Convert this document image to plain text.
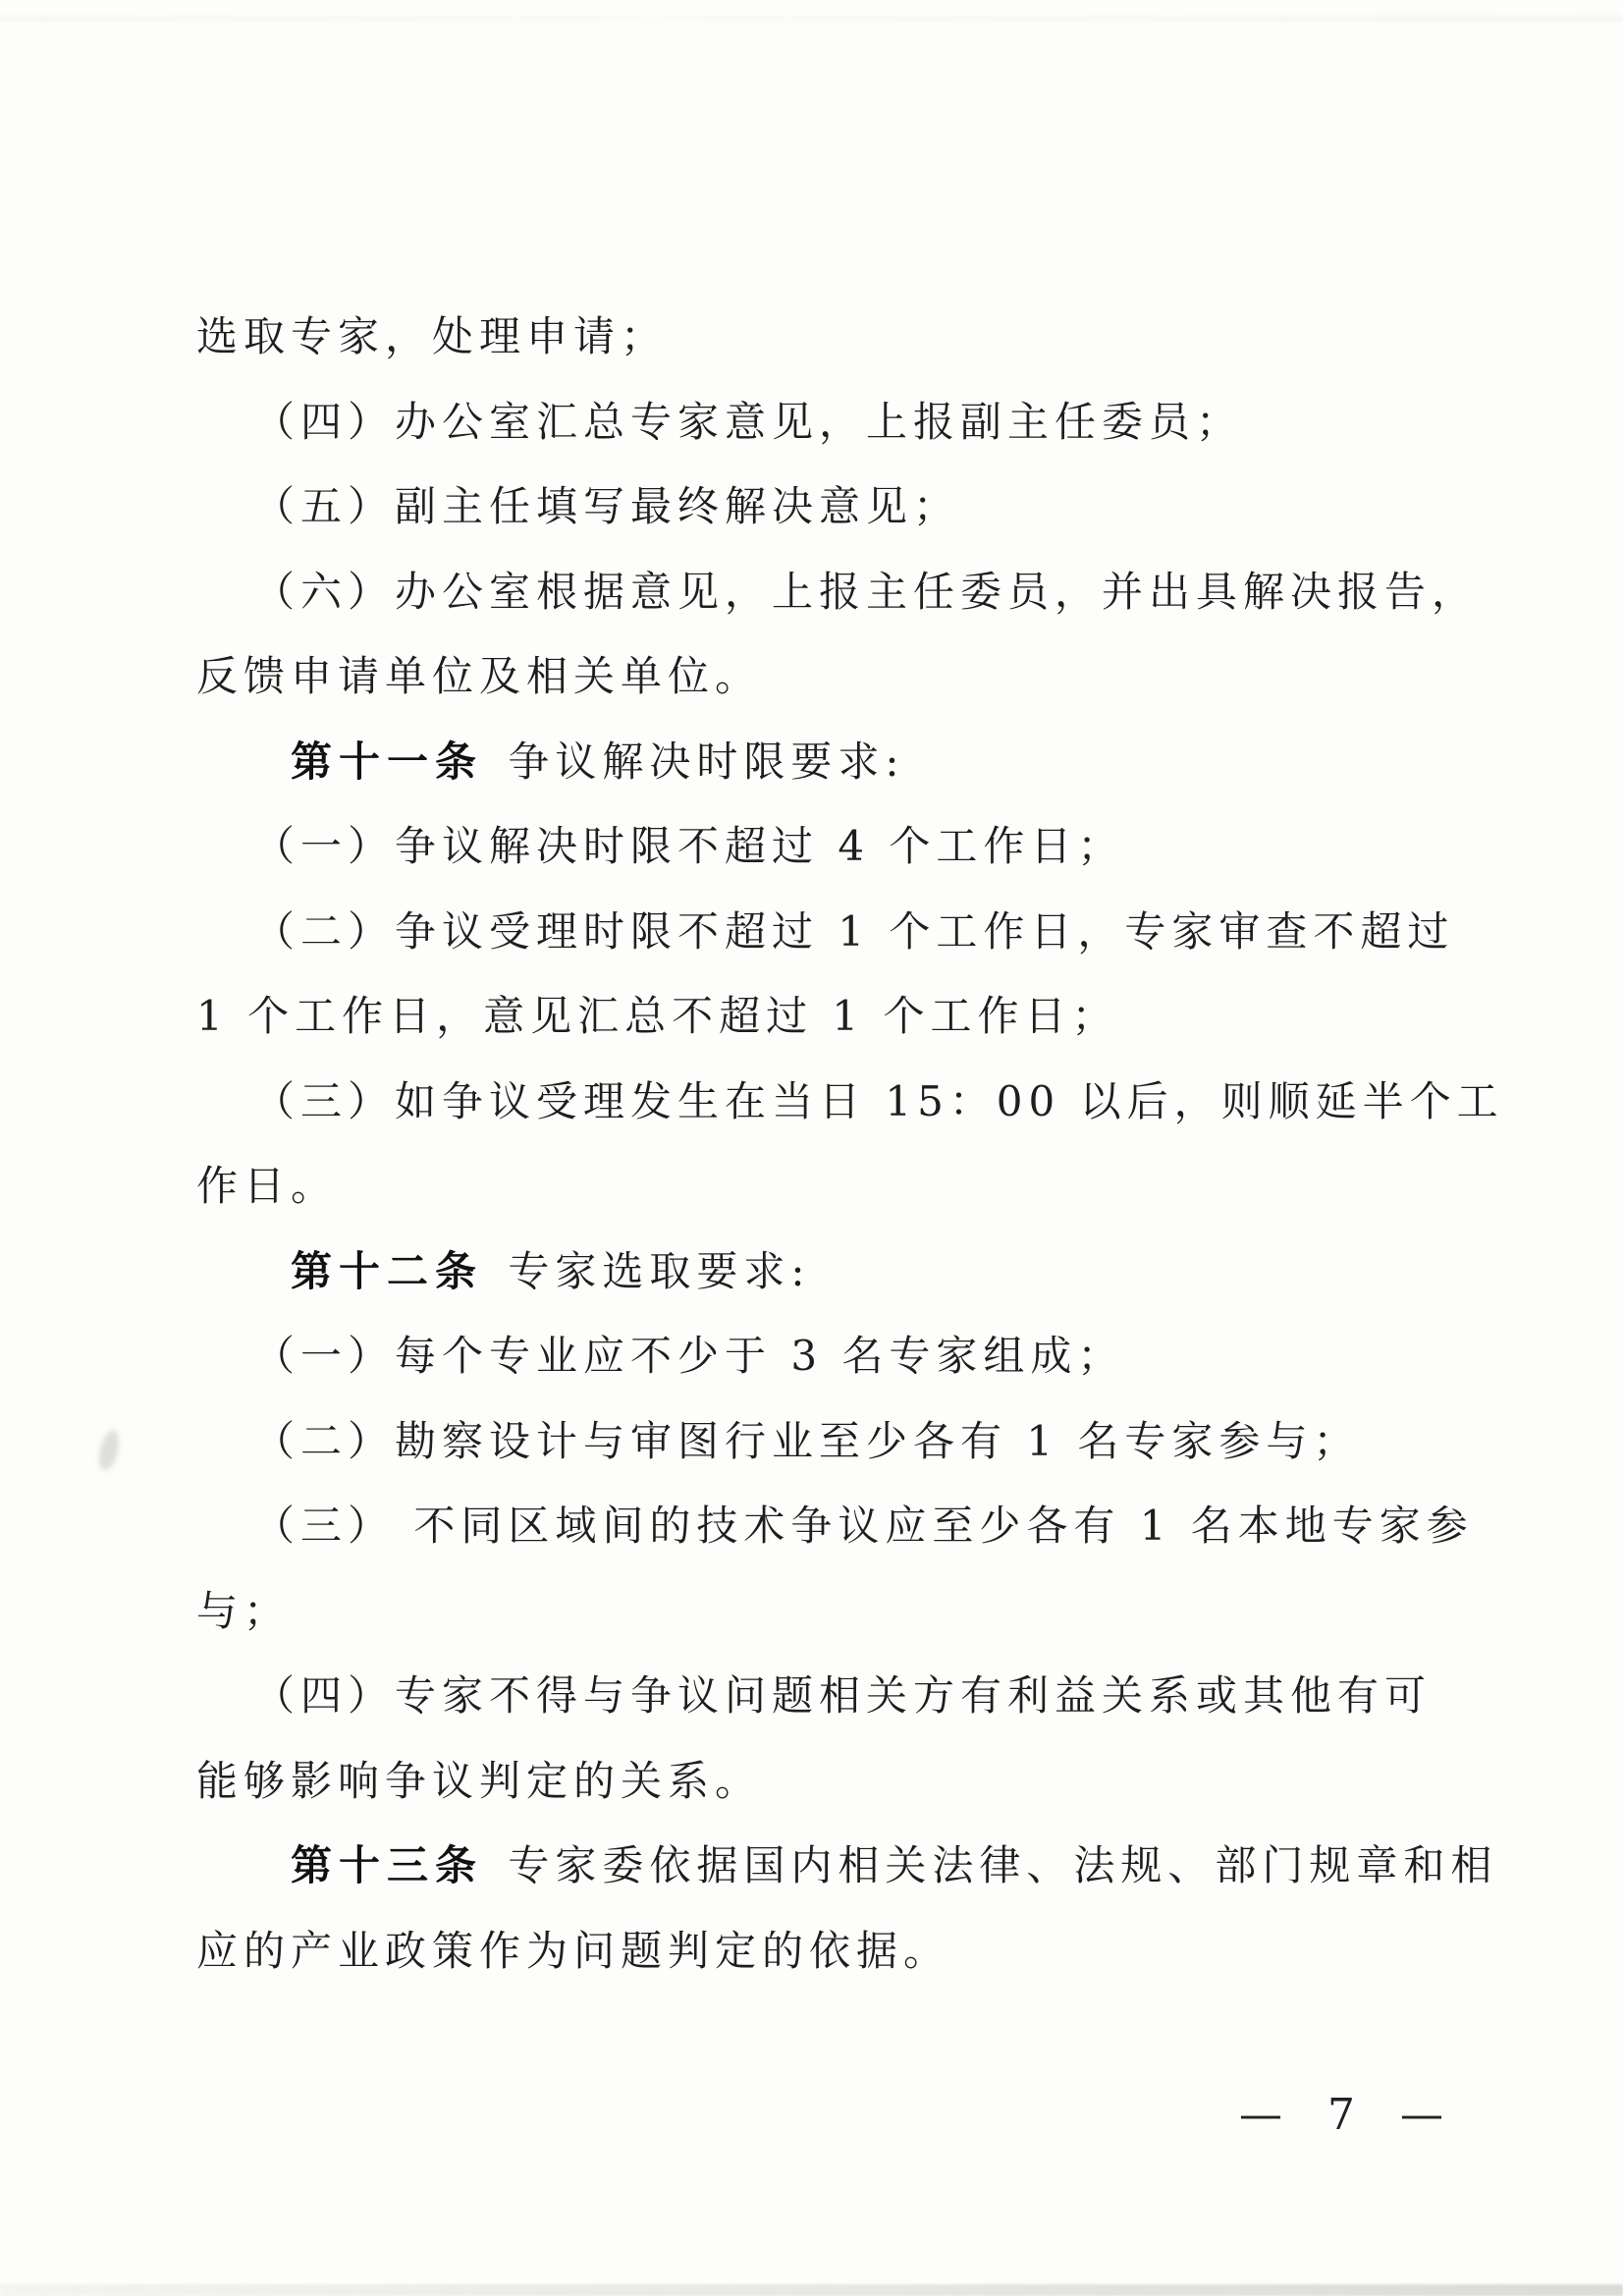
选取专家，处理申请；
（四）办公室汇总专家意见，上报副主任委员；
（五）副主任填写最终解决意见；
（六）办公室根据意见，上报主任委员，并出具解决报告，
反馈申请单位及相关单位。
第十一条 争议解决时限要求:
（一）争议解决时限不超过 4 个工作日；
（二）争议受理时限不超过 1 个工作日，专家审查不超过
1 个工作日，意见汇总不超过 1 个工作日；
（三）如争议受理发生在当日 15：00 以后，则顺延半个工
作日。
第十二条 专家选取要求:
（一）每个专业应不少于 3 名专家组成；
（二）勘察设计与审图行业至少各有 1 名专家参与；
（三） 不同区域间的技术争议应至少各有 1 名本地专家参
与；
（四）专家不得与争议问题相关方有利益关系或其他有可
能够影响争议判定的关系。
第十三条 专家委依据国内相关法律、法规、部门规章和相
应的产业政策作为问题判定的依据。
— 7 —
